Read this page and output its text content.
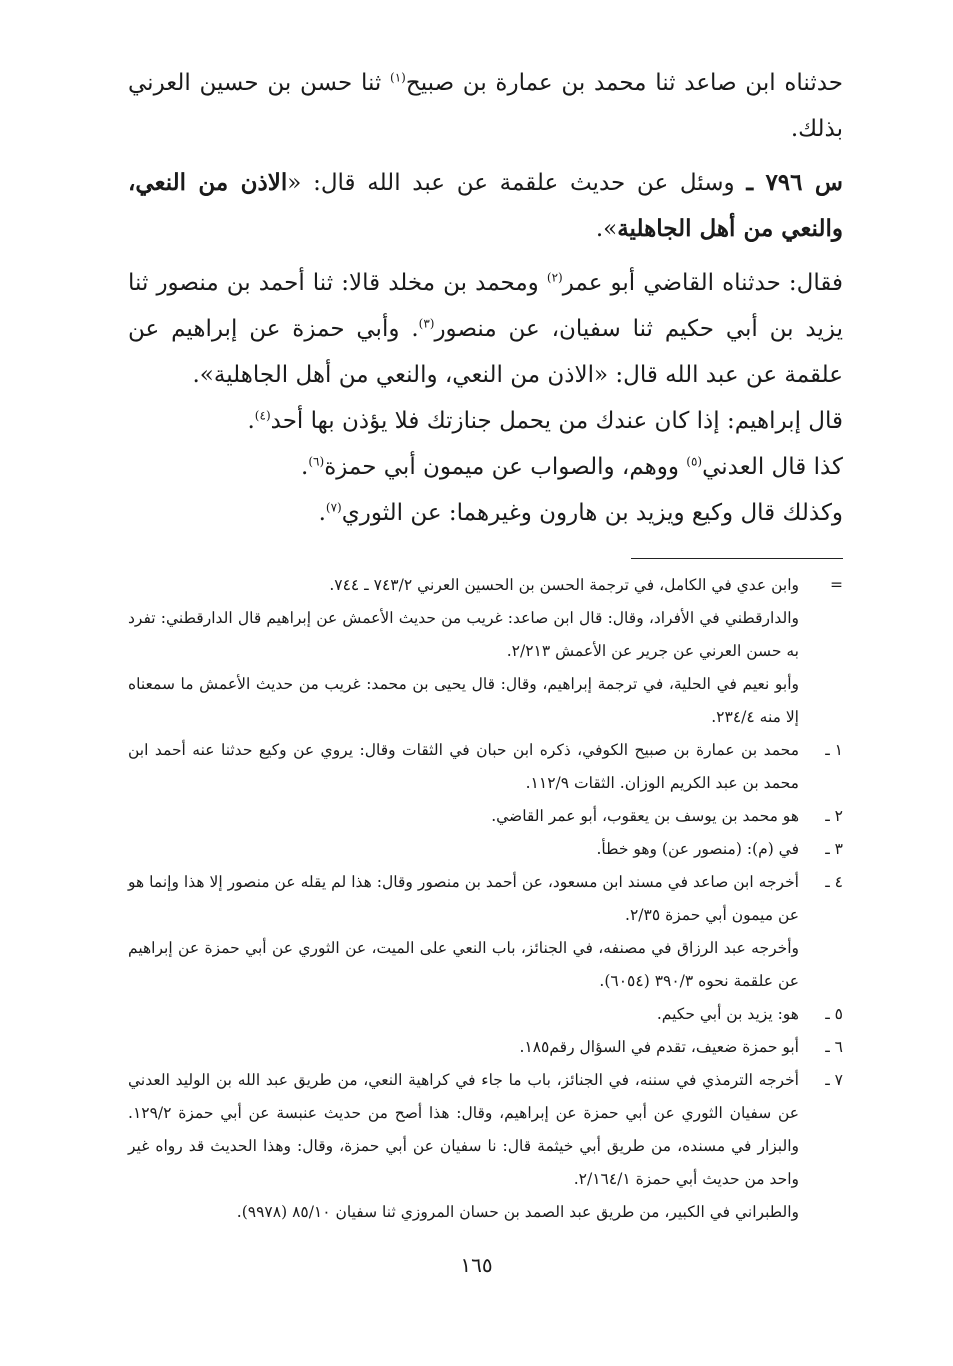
حدثناه ابن صاعد ثنا محمد بن عمارة بن صبيح$^{(١)}$ ثنا حسن بن حسين العرني بذلك.

س ٧٩٦ ـ وسئل عن حديث علقمة عن عبد الله قال: «الاذن من النعي، والنعي من أهل الجاهلية».

فقال: حدثناه القاضي أبو عمر$^{(٢)}$ ومحمد بن مخلد قالا: ثنا أحمد بن منصور ثنا يزيد بن أبي حكيم ثنا سفيان، عن منصور$^{(٣)}$. وأبي حمزة عن إبراهيم عن علقمة عن عبد الله قال: «الاذن من النعي، والنعي من أهل الجاهلية».

قال إبراهيم: إذا كان عندك من يحمل جنازتك فلا يؤذن بها أحد$^{(٤)}$.

كذا قال العدني$^{(٥)}$ ووهم، والصواب عن ميمون أبي حمزة$^{(٦)}$.

وكذلك قال وكيع ويزيد بن هارون وغيرهما: عن الثوري$^{(٧)}$.

=
وابن عدي في الكامل، في ترجمة الحسن بن الحسين العرني ٧٤٣/٢ ـ ٧٤٤.
والدارقطني في الأفراد، وقال: قال ابن صاعد: غريب من حديث الأعمش عن إبراهيم قال الدارقطني: تفرد به حسن العرني عن جرير عن الأعمش ٢/٢١٣.
وأبو نعيم في الحلية، في ترجمة إبراهيم، وقال: قال يحيى بن محمد: غريب من حديث الأعمش ما سمعناه إلا منه ٢٣٤/٤.
١ ـ
محمد بن عمارة بن صبيح الكوفي، ذكره ابن حبان في الثقات وقال: يروي عن وكيع حدثنا عنه أحمد ابن محمد بن عبد الكريم الوزان. الثقات ١١٢/٩.
٢ ـ
هو محمد بن يوسف بن يعقوب، أبو عمر القاضي.
٣ ـ
في (م): (منصور عن) وهو خطأ.
٤ ـ
أخرجه ابن صاعد في مسند ابن مسعود، عن أحمد بن منصور وقال: هذا لم يقله عن منصور إلا هذا وإنما هو عن ميمون أبي حمزة ٢/٣٥.
وأخرجه عبد الرزاق في مصنفه، في الجنائز، باب النعي على الميت، عن الثوري عن أبي حمزة عن إبراهيم عن علقمة نحوه ٣٩٠/٣ (٦٠٥٤).
٥ ـ
هو: يزيد بن أبي حكيم.
٦ ـ
أبو حمزة ضعيف، تقدم في السؤال رقم١٨٥.
٧ ـ
أخرجه الترمذي في سننه، في الجنائز، باب ما جاء في كراهية النعي، من طريق عبد الله بن الوليد العدني عن سفيان الثوري عن أبي حمزة عن إبراهيم، وقال: هذا أصح من حديث عنبسة عن أبي حمزة ١٢٩/٢. والبزار في مسنده، من طريق أبي خيثمة قال: نا سفيان عن أبي حمزة، وقال: وهذا الحديث قد رواه غير واحد من حديث أبي حمزة ٢/١٦٤/١.
والطبراني في الكبير، من طريق عبد الصمد بن حسان المروزي ثنا سفيان ٨٥/١٠ (٩٩٧٨).
١٦٥
